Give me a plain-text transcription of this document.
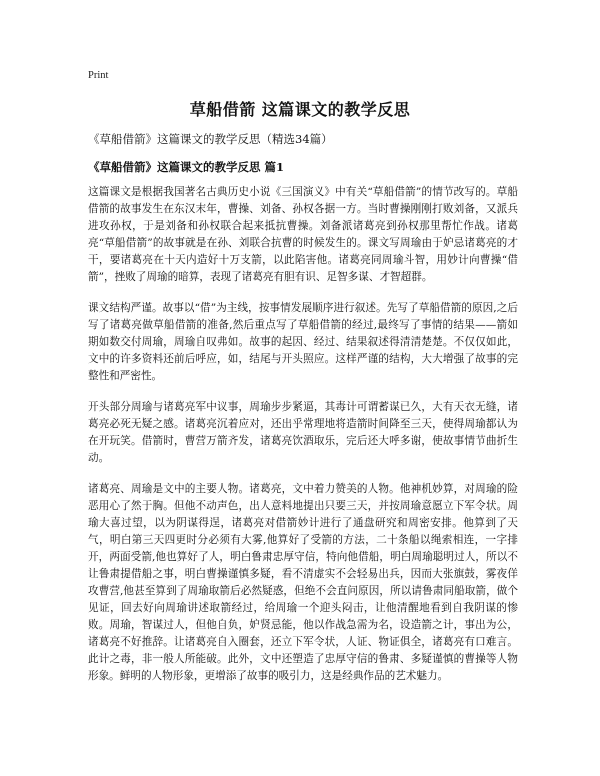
Print
草船借箭 这篇课文的教学反思
《草船借箭》这篇课文的教学反思（精选34篇）
《草船借箭》这篇课文的教学反思 篇1

这篇课文是根据我国著名古典历史小说《三国演义》中有关“草船借箭”的情节改写的。草船借箭的故事发生在东汉末年，曹操、刘备、孙权各据一方。当时曹操刚刚打败刘备，又派兵进攻孙权，于是刘备和孙权联合起来抵抗曹操。刘备派诸葛亮到孙权那里帮忙作战。诸葛亮“草船借箭”的故事就是在孙、刘联合抗曹的时候发生的。课文写周瑜由于妒忌诸葛亮的才干，要诸葛亮在十天内造好十万支箭，以此陷害他。诸葛亮同周瑜斗智，用妙计向曹操“借箭”，挫败了周瑜的暗算，表现了诸葛亮有胆有识、足智多谋、才智超群。

课文结构严谨。故事以“借”为主线，按事情发展顺序进行叙述。先写了草船借箭的原因,之后写了诸葛亮做草船借箭的准备,然后重点写了草船借箭的经过,最终写了事情的结果——箭如期如数交付周瑜，周瑜自叹弗如。故事的起因、经过、结果叙述得清清楚楚。不仅仅如此，文中的许多资料还前后呼应，如，结尾与开头照应。这样严谨的结构，大大增强了故事的完整性和严密性。

开头部分周瑜与诸葛亮军中议事，周瑜步步紧逼，其毒计可谓蓄谋已久，大有天衣无缝，诸葛亮必死无疑之感。诸葛亮沉着应对，还出乎常理地将造箭时间降至三天，使得周瑜都认为在开玩笑。借箭时，曹营万箭齐发，诸葛亮饮酒取乐，完后还大呼多谢，使故事情节曲折生动。

诸葛亮、周瑜是文中的主要人物。诸葛亮，文中着力赞美的人物。他神机妙算，对周瑜的险恶用心了然于胸。但他不动声色，出人意料地提出只要三天，并按周瑜意愿立下军令状。周瑜大喜过望，以为阴谋得逞，诸葛亮对借箭妙计进行了通盘研究和周密安排。他算到了天气，明白第三天四更时分必须有大雾,他算好了受箭的方法，二十条船以绳索相连，一字排开，两面受箭,他也算好了人，明白鲁肃忠厚守信，特向他借船，明白周瑜聪明过人，所以不让鲁肃提借船之事，明白曹操谨慎多疑，看不清虚实不会轻易出兵，因而大张旗鼓，雾夜佯攻曹营,他甚至算到了周瑜取箭后必然疑惑，但绝不会直问原因，所以请鲁肃同船取箭，做个见证，回去好向周瑜讲述取箭经过，给周瑜一个迎头闷击，让他清醒地看到自我阴谋的惨败。周瑜，智谋过人，但他自负，妒贤忌能，他以作战急需为名，设造箭之计，事出为公，诸葛亮不好推辞。让诸葛亮自入圈套，还立下军令状，人证、物证俱全，诸葛亮有口难言。此计之毒，非一般人所能破。此外，文中还塑造了忠厚守信的鲁肃、多疑谨慎的曹操等人物形象。鲜明的人物形象，更增添了故事的吸引力，这是经典作品的艺术魅力。
